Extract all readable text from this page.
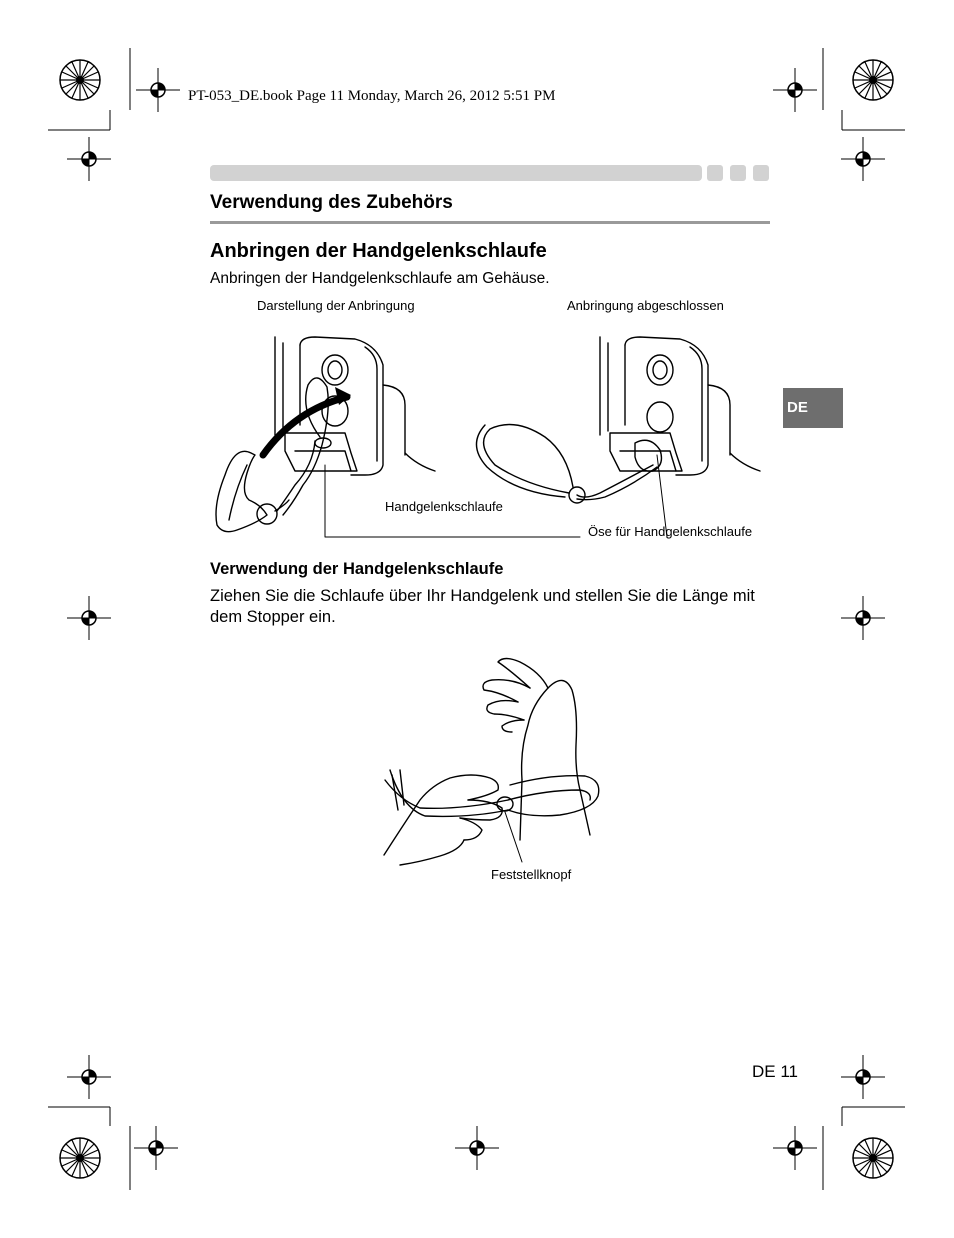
PT-053_DE.book Page 11 Monday, March 26, 2012 5:51 PM
Verwendung des Zubehörs
Anbringen der Handgelenkschlaufe
Anbringen der Handgelenkschlaufe am Gehäuse.
Darstellung der Anbringung	Anbringung abgeschlossen
Handgelenkschlaufe
Öse für Handgelenkschlaufe
DE
Verwendung der Handgelenkschlaufe
Ziehen Sie die Schlaufe über Ihr Handgelenk und stellen Sie die Länge mit dem Stopper ein.
Feststellknopf
DE 11
